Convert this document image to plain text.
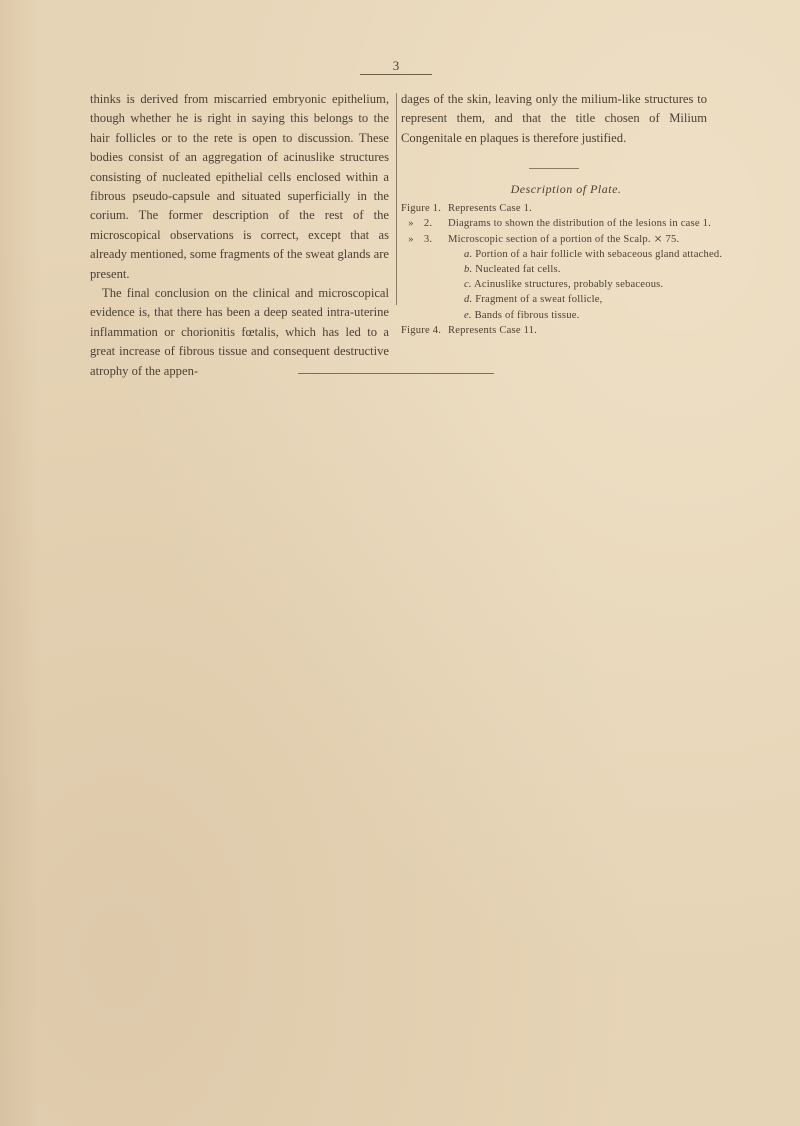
3

thinks is derived from miscarried embryonic epithelium, though whether he is right in saying this belongs to the hair follicles or to the rete is open to discussion. These bodies consist of an aggregation of acinuslike structures consisting of nucleated epithelial cells enclosed within a fibrous pseudo-capsule and situated superficially in the corium. The former description of the rest of the microscopical observations is correct, except that as already mentioned, some fragments of the sweat glands are present.

The final conclusion on the clinical and microscopical evidence is, that there has been a deep seated intra-uterine inflammation or chorionitis fœtalis, which has led to a great increase of fibrous tissue and consequent destructive atrophy of the appen-

dages of the skin, leaving only the milium-like structures to represent them, and that the title chosen of Milium Congenitale en plaques is therefore justified.

Description of Plate.
Figure 1. Represents Case 1.
» 2.	Diagrams to shown the distribution of the lesions in case 1.
» 3.	Microscopic section of a portion of the Scalp. ⨯ 75.
a. Portion of a hair follicle with sebaceous gland attached.
b. Nucleated fat cells.
c. Acinuslike structures, probably sebaceous.
d. Fragment of a sweat follicle,
e. Bands of fibrous tissue.
Figure 4. Represents Case 11.
